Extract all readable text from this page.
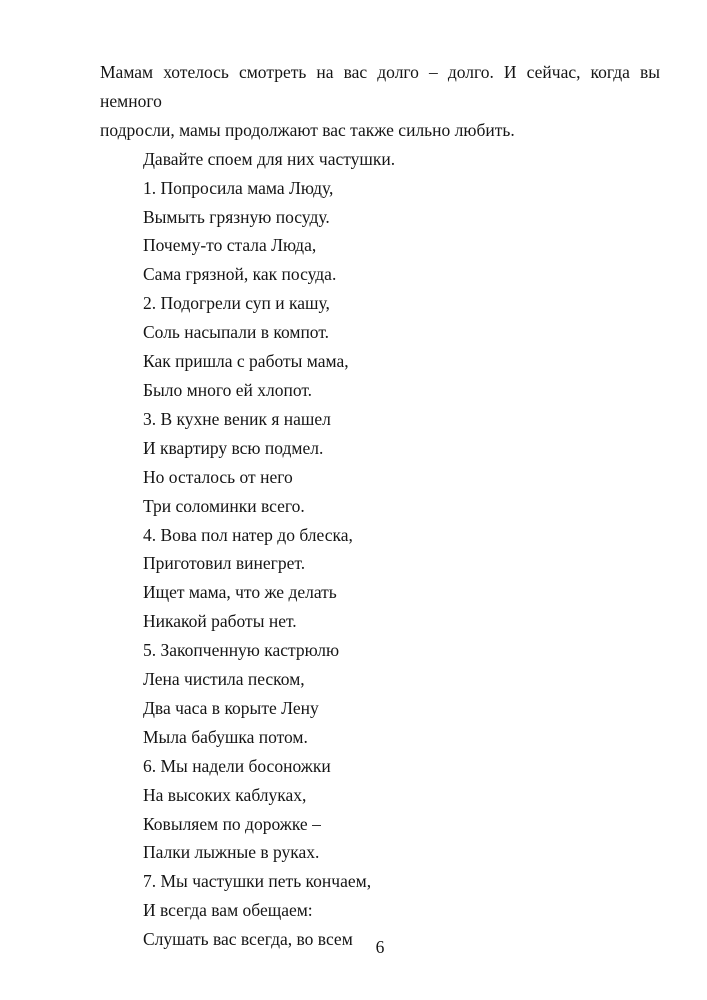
Мамам хотелось смотреть на вас долго – долго. И сейчас, когда вы немного
подросли, мамы продолжают вас также сильно любить.
Давайте споем для них частушки.
1. Попросила мама Люду,
Вымыть грязную посуду.
Почему-то стала Люда,
Сама грязной, как посуда.
2. Подогрели суп и кашу,
Соль насыпали в компот.
Как пришла с работы мама,
Было много ей хлопот.
3. В кухне веник я нашел
И квартиру всю подмел.
Но осталось от него
Три соломинки всего.
4. Вова пол натер до блеска,
Приготовил винегрет.
Ищет мама, что же делать
Никакой работы нет.
5. Закопченную кастрюлю
Лена чистила песком,
Два часа в корыте Лену
Мыла бабушка потом.
6. Мы надели босоножки
На высоких каблуках,
Ковыляем по дорожке –
Палки лыжные в руках.
7. Мы частушки петь кончаем,
И всегда вам обещаем:
Слушать вас всегда, во всем	6
